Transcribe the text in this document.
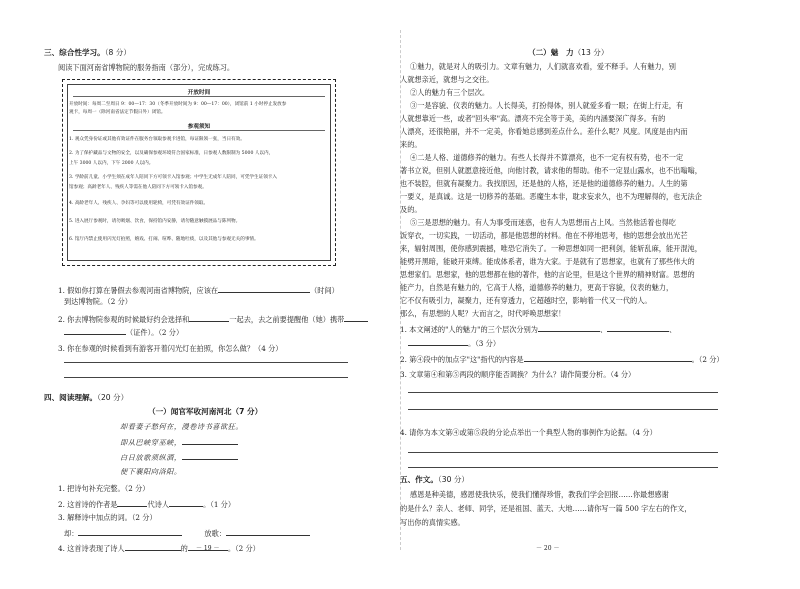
三、综合性学习。（8 分）
阅读下面河南省博物院的服务指南（部分），完成练习。
开放时间
开放时间：每周二至周日 9：00—17：30（冬季开放时间为 9：00—17：00），闭馆前 1 小时停止发放参
观卡，每周一（除河南省法定节假日外）闭馆。
参观须知
1. 观众凭身份证或其他有效证件在服务台领取参观卡进馆，每证限领一张，当日有效。
2. 为了保护藏品与文物的安全，以及确保参观环境符合国家标准，日参观人数限制为 5000 人以内，
上午 3000 人以内，下午 2000 人以内。
3. 学龄前儿童、小学生须在成年人陪同下方可领卡入馆参观；中学生无成年人陪同，可凭学生证领卡入
馆参观；高龄老年人、残疾人等需在他人陪同下方可领卡入馆参观。
4. 高龄老年人、残疾人、孕妇等可以使用轮椅，可凭有效证件领取。
5. 进入展厅参观时，请勿吸烟、饮食，保持馆内安静，请勿随意触摸展品与陈列物。
6. 馆厅内禁止使用闪光灯拍照，嬉戏、打闹、喧哗、随地吐痰，以及其他与参观无关的事情。
1. 假如你打算在暑假去参观河南省博物院，应该在	（时间）
到达博物院。（2 分）
2. 你去博物院参观的时候最好约会选择和	一起去，去之前要提醒他（她）携带
（证件）。（2 分）
3. 你在参观的时候看到有游客开着闪光灯在拍照，你怎么做？（4 分）
四、阅读理解。（20 分）
（一）闻官军收河南河北（7 分）
却看妻子愁何在，漫卷诗书喜欲狂。
即从巴峡穿巫峡，
白日放歌须纵酒，
便下襄阳向洛阳。
1. 把诗句补充完整。（2 分）
2. 这首诗的作者是	代诗人	。（1 分）
3. 解释诗中加点的词。（2 分）
却：	放歌：
4. 这首诗表现了诗人	的	。（2 分）
－ 19 －
（二）魅　力（13 分）
①魅力，就是对人的吸引力。文章有魅力，人们就喜欢看，爱不释手。人有魅力，别
人就想亲近，就想与之交往。
②人的魅力有三个层次。
③一是容貌、仪表的魅力。人长得美，打扮得体，别人就爱多看一眼；在街上行走，有
人就想靠近一些，或者"回头率"高。漂亮不完全等于美，美的内涵要深广得多。有的
人漂亮，还很艳丽，并不一定美，你看她总感到差点什么。差什么呢？风度。风度是由内而
来的。
④二是人格、道德修养的魅力。有些人长得并不算漂亮，也不一定有权有势，也不一定
著书立说，但别人就愿意接近他，向他讨教，请求他的帮助。他不一定显山露水，也不出嗡嗡，
也不装腔，但就有凝聚力。我找原因，还是他的人格，还是他的道德修养的魅力。人生的第
一要义，是真诚。这是一切修养的基础。恶魔生本非，耽求妄求久，也不为理解得的，也无法企
及的。
⑤三是思想的魅力。有人为事受而迷惑，也有人为思想而占上风。当然他活着也得吃
饭穿衣，一切实践，一切活动，都是他思想的材料。他在不停地思考，他的思想会放出光芒
来，辐射周围，使你感到震撼，唯恐它消失了。一种思想如同一把利剑，能斩乱麻，能开混沌，
能劈开黑暗，能破开束缚。能成体系者，谁为大家。于是就有了思想家，也就有了那些伟大的
思想家们。思想家，他的思想都在他的著作，他的言论里，但是这个世界的精神财富。思想的
能产力，自然是有魅力的，它高于人格，道德修养的魅力，更高于容貌，仪表的魅力，
它不仅有吸引力，凝聚力，还有穿透力，它超越时空，影响着一代又一代的人。
那么，有思想的人呢？大而言之，时代呼唤思想家！
1. 本文阐述的"人的魅力"的三个层次分别为	、	、
。（3 分）
2. 第④段中的加点字"这"指代的内容是	。（2 分）
3. 文章第④和第⑤两段的顺序能否调换？为什么？请作简要分析。（4 分）
4. 请你为本文第④或第⑤段的分论点举出一个典型人物的事例作为论据。（4 分）
五、作文。（30 分）
感恩是种美德，感恩使我快乐，使我们懂得珍惜，教我们学会回报……你最想感谢
的是什么？亲人、老师、同学，还是祖国、蓝天、大地……请你写一篇 500 字左右的作文，
写出你的真情实感。
－ 20 －
